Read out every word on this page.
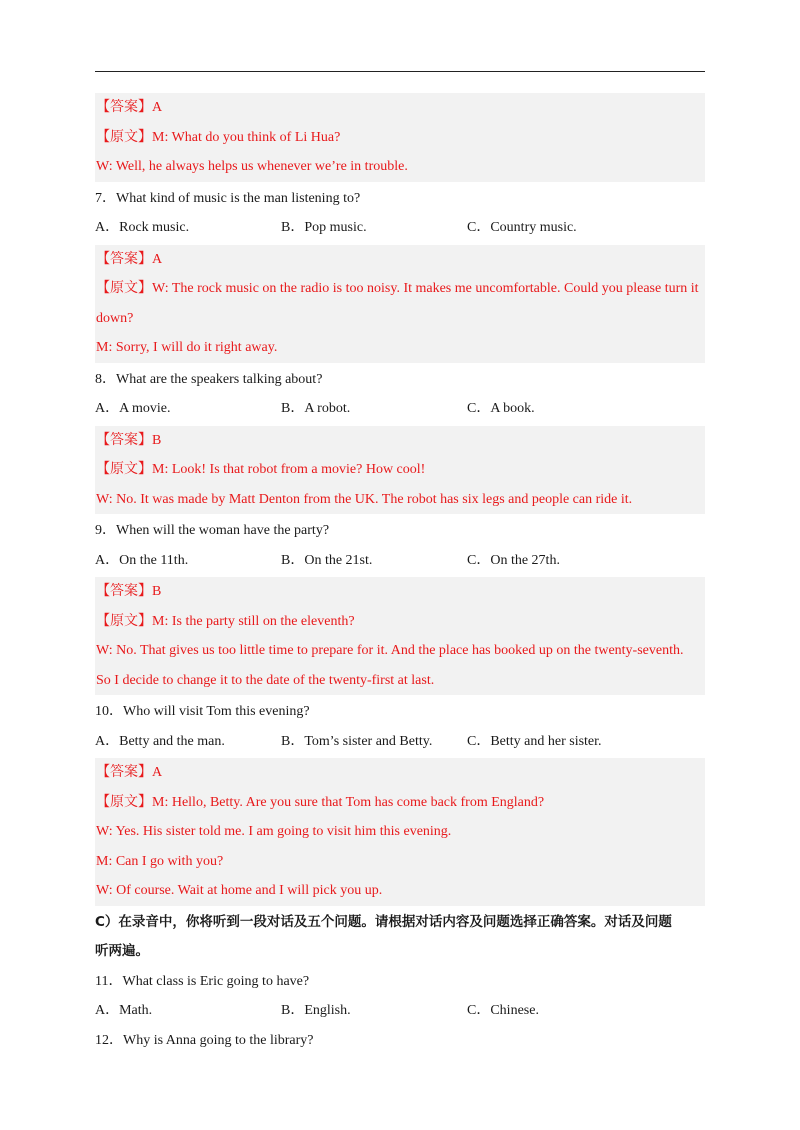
【答案】A
【原文】M: What do you think of Li Hua?
W: Well, he always helps us whenever we’re in trouble.
7．What kind of music is the man listening to?
A．Rock music.	B．Pop music.	C．Country music.
【答案】A
【原文】W: The rock music on the radio is too noisy. It makes me uncomfortable. Could you please turn it
down?
M: Sorry, I will do it right away.
8．What are the speakers talking about?
A．A movie.	B．A robot.	C．A book.
【答案】B
【原文】M: Look! Is that robot from a movie? How cool!
W: No. It was made by Matt Denton from the UK. The robot has six legs and people can ride it.
9．When will the woman have the party?
A．On the 11th.	B．On the 21st.	C．On the 27th.
【答案】B
【原文】M: Is the party still on the eleventh?
W: No. That gives us too little time to prepare for it. And the place has booked up on the twenty-seventh.
So I decide to change it to the date of the twenty-first at last.
10．Who will visit Tom this evening?
A．Betty and the man.	B．Tom’s sister and Betty.	C．Betty and her sister.
【答案】A
【原文】M: Hello, Betty. Are you sure that Tom has come back from England?
W: Yes. His sister told me. I am going to visit him this evening.
M: Can I go with you?
W: Of course. Wait at home and I will pick you up.
C）在录音中，你将听到一段对话及五个问题。请根据对话内容及问题选择正确答案。对话及问题
听两遍。
11．What class is Eric going to have?
A．Math.	B．English.	C．Chinese.
12．Why is Anna going to the library?
